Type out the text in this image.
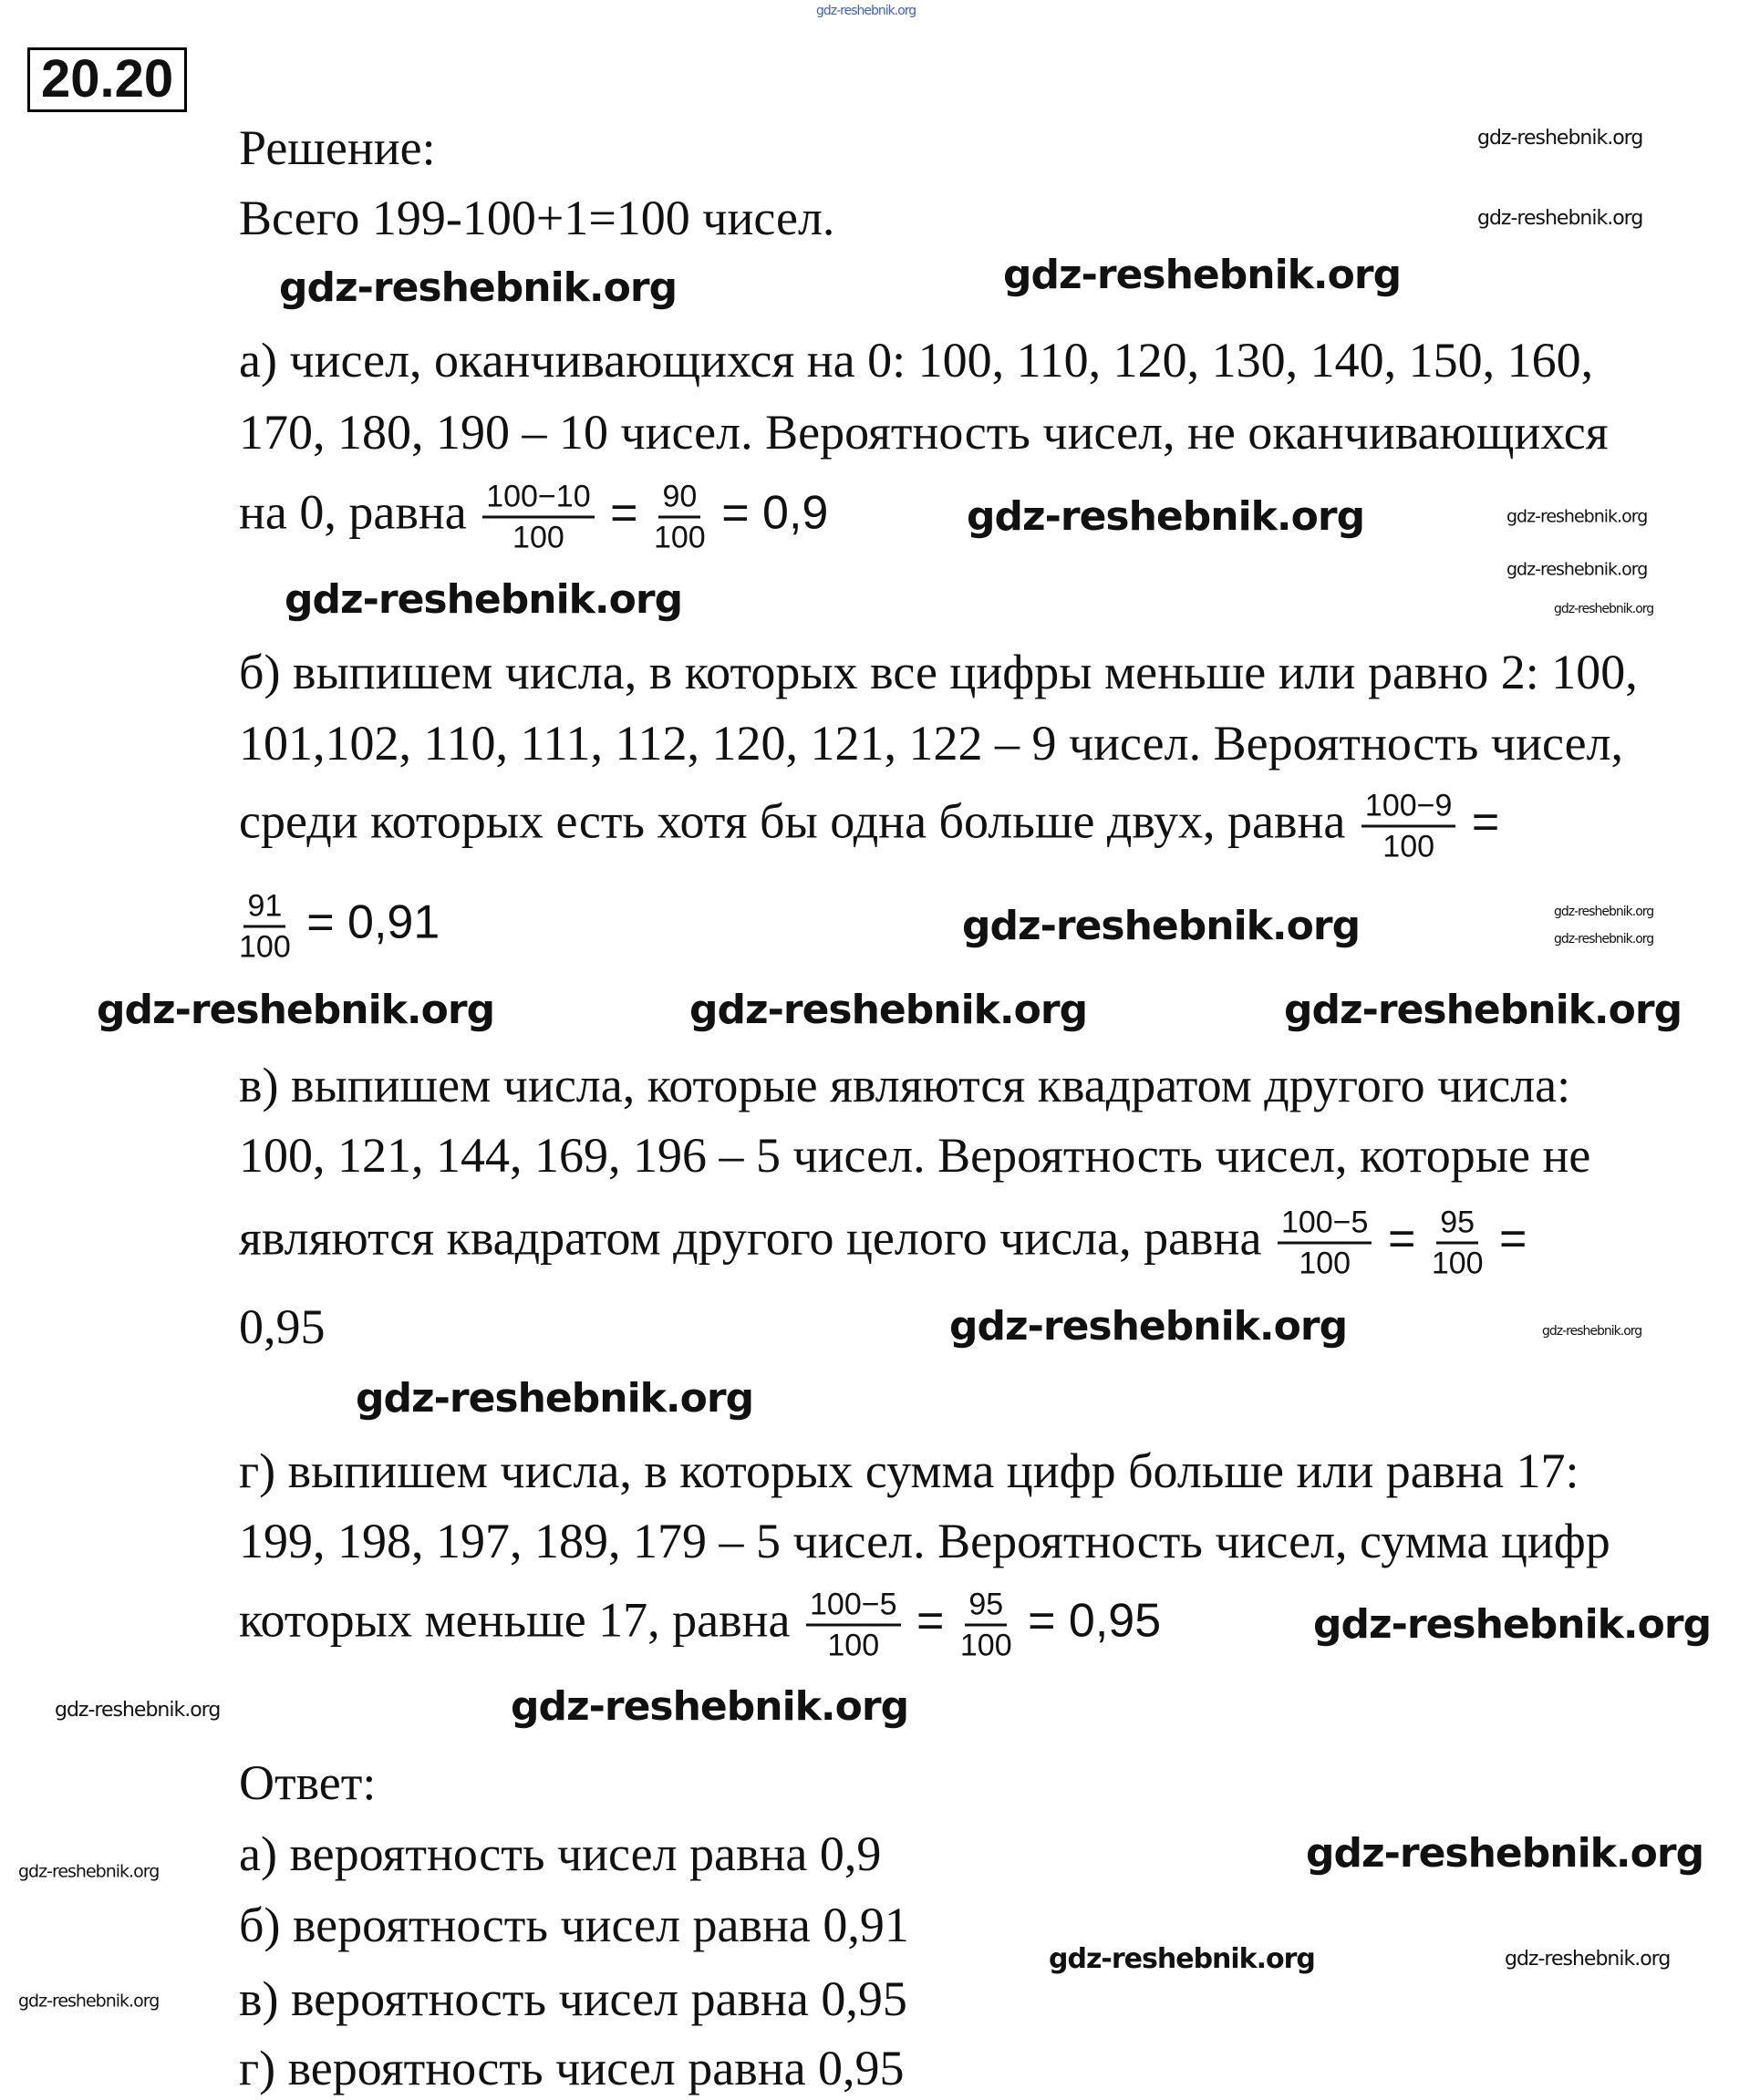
20.20
Решение:
Всего 199-100+1=100 чисел.
а) чисел, оканчивающихся на 0: 100, 110, 120, 130, 140, 150, 160,
170, 180, 190 – 10 чисел. Вероятность чисел, не оканчивающихся
на 0, равна $\frac{100-10}{100} = \frac{90}{100} = 0,9$
б) выпишем числа, в которых все цифры меньше или равно 2: 100,
101,102, 110, 111, 112, 120, 121, 122 – 9 чисел. Вероятность чисел,
среди которых есть хотя бы одна больше двух, равна $\frac{100-9}{100}$ =
$\frac{91}{100} = 0,91$
в) выпишем числа, которые являются квадратом другого числа:
100, 121, 144, 169, 196 – 5 чисел. Вероятность чисел, которые не
являются квадратом другого целого числа, равна $\frac{100-5}{100} = \frac{95}{100}$ =
0,95
г) выпишем числа, в которых сумма цифр больше или равна 17:
199, 198, 197, 189, 179 – 5 чисел. Вероятность чисел, сумма цифр
которых меньше 17, равна $\frac{100-5}{100} = \frac{95}{100} = 0,95$
Ответ:
а) вероятность чисел равна 0,9
б) вероятность чисел равна 0,91
в) вероятность чисел равна 0,95
г) вероятность чисел равна 0,95
gdz-reshebnik.org
gdz-reshebnik.org
gdz-reshebnik.org
gdz-reshebnik.org
gdz-reshebnik.org
gdz-reshebnik.org
gdz-reshebnik.org
gdz-reshebnik.org
gdz-reshebnik.org
gdz-reshebnik.org
gdz-reshebnik.org
gdz-reshebnik.org
gdz-reshebnik.org
gdz-reshebnik.org	gdz-reshebnik.org	gdz-reshebnik.org
gdz-reshebnik.org
gdz-reshebnik.org
gdz-reshebnik.org
gdz-reshebnik.org
gdz-reshebnik.org
gdz-reshebnik.org
gdz-reshebnik.org
gdz-reshebnik.org
gdz-reshebnik.org	gdz-reshebnik.org
gdz-reshebnik.org
